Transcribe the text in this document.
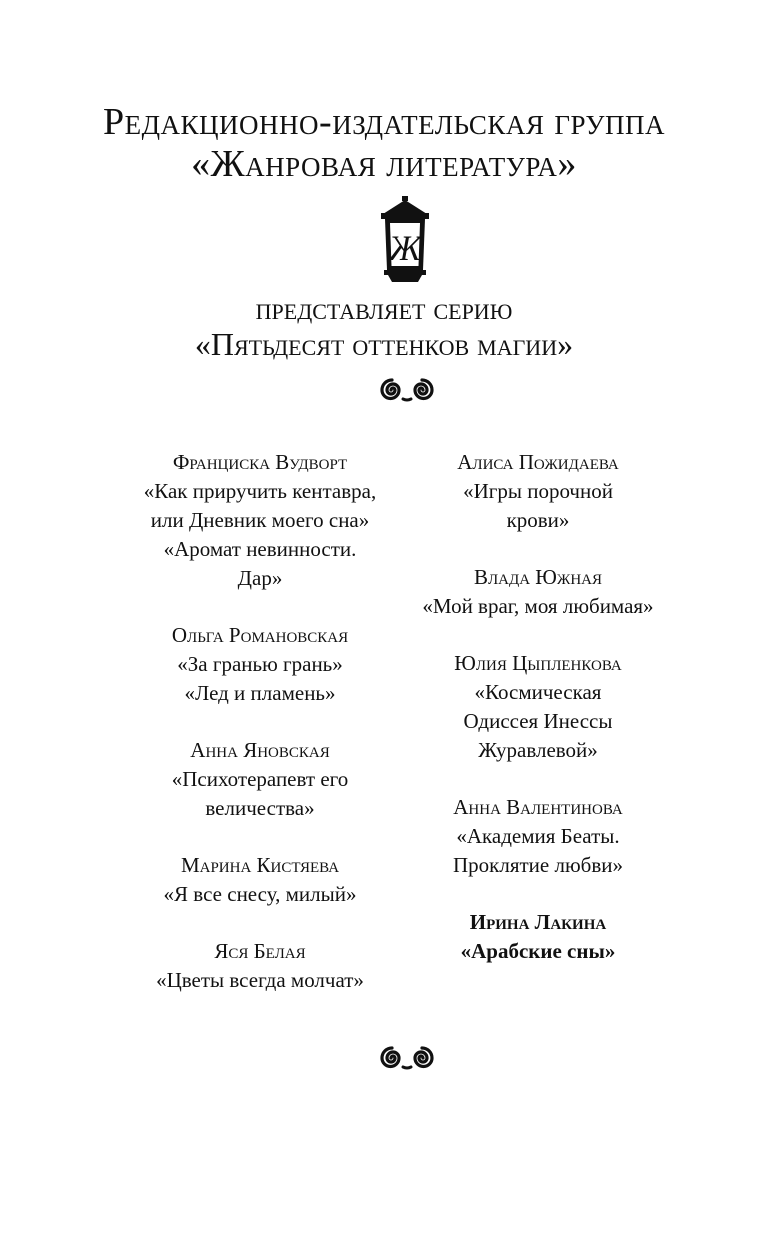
Редакционно-издательская группа
«Жанровая литература»
Ж
представляет серию
«Пятьдесят оттенков магии»
Франциска Вудворт
«Как приручить кентавра,
или Дневник моего сна»
«Аромат невинности.
Дар»
Ольга Романовская
«За гранью грань»
«Лед и пламень»
Анна Яновская
«Психотерапевт его
величества»
Марина Кистяева
«Я все снесу, милый»
Яся Белая
«Цветы всегда молчат»
Алиса Пожидаева
«Игры порочной
крови»
Влада Южная
«Мой враг, моя любимая»
Юлия Цыпленкова
«Космическая
Одиссея Инессы
Журавлевой»
Анна Валентинова
«Академия Беаты.
Проклятие любви»
Ирина Лакина
«Арабские сны»
